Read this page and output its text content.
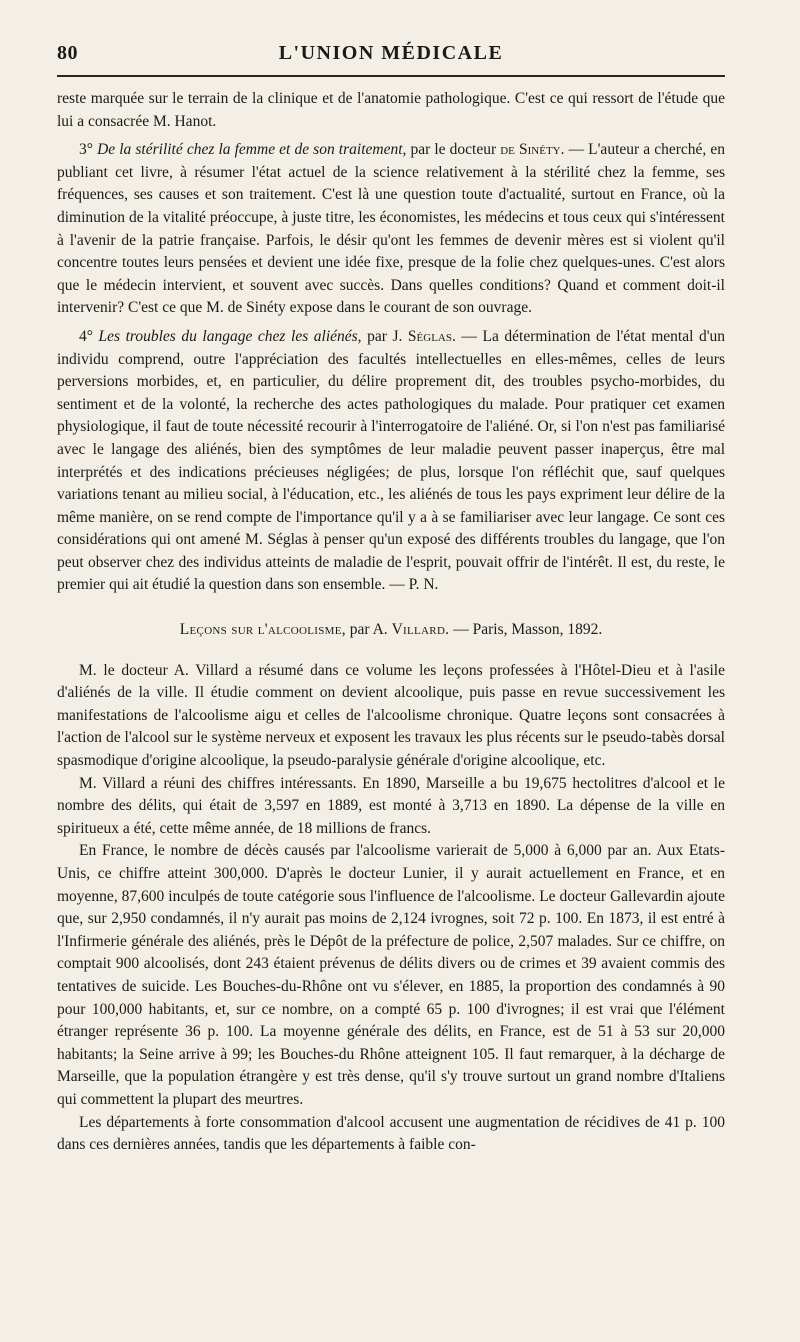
80	L'UNION MÉDICALE

reste marquée sur le terrain de la clinique et de l'anatomie pathologique. C'est ce qui ressort de l'étude que lui a consacrée M. Hanot.

3° De la stérilité chez la femme et de son traitement, par le docteur de Sinéty. — L'auteur a cherché, en publiant cet livre, à résumer l'état actuel de la science relativement à la stérilité chez la femme, ses fréquences, ses causes et son traitement. C'est là une question toute d'actualité, surtout en France, où la diminution de la vitalité préoccupe, à juste titre, les économistes, les médecins et tous ceux qui s'intéressent à l'avenir de la patrie française. Parfois, le désir qu'ont les femmes de devenir mères est si violent qu'il concentre toutes leurs pensées et devient une idée fixe, presque de la folie chez quelques-unes. C'est alors que le médecin intervient, et souvent avec succès. Dans quelles conditions? Quand et comment doit-il intervenir? C'est ce que M. de Sinéty expose dans le courant de son ouvrage.

4° Les troubles du langage chez les aliénés, par J. Séglas. — La détermination de l'état mental d'un individu comprend, outre l'appréciation des facultés intellectuelles en elles-mêmes, celles de leurs perversions morbides, et, en particulier, du délire proprement dit, des troubles psycho-morbides, du sentiment et de la volonté, la recherche des actes pathologiques du malade. Pour pratiquer cet examen physiologique, il faut de toute nécessité recourir à l'interrogatoire de l'aliéné. Or, si l'on n'est pas familiarisé avec le langage des aliénés, bien des symptômes de leur maladie peuvent passer inaperçus, être mal interprétés et des indications précieuses négligées; de plus, lorsque l'on réfléchit que, sauf quelques variations tenant au milieu social, à l'éducation, etc., les aliénés de tous les pays expriment leur délire de la même manière, on se rend compte de l'importance qu'il y a à se familiariser avec leur langage. Ce sont ces considérations qui ont amené M. Séglas à penser qu'un exposé des différents troubles du langage, que l'on peut observer chez des individus atteints de maladie de l'esprit, pouvait offrir de l'intérêt. Il est, du reste, le premier qui ait étudié la question dans son ensemble. — P. N.

Leçons sur l'alcoolisme, par A. Villard. — Paris, Masson, 1892.

M. le docteur A. Villard a résumé dans ce volume les leçons professées à l'Hôtel-Dieu et à l'asile d'aliénés de la ville. Il étudie comment on devient alcoolique, puis passe en revue successivement les manifestations de l'alcoolisme aigu et celles de l'alcoolisme chronique. Quatre leçons sont consacrées à l'action de l'alcool sur le système nerveux et exposent les travaux les plus récents sur le pseudo-tabès dorsal spasmodique d'origine alcoolique, la pseudo-paralysie générale d'origine alcoolique, etc.

M. Villard a réuni des chiffres intéressants. En 1890, Marseille a bu 19,675 hectolitres d'alcool et le nombre des délits, qui était de 3,597 en 1889, est monté à 3,713 en 1890. La dépense de la ville en spiritueux a été, cette même année, de 18 millions de francs.

En France, le nombre de décès causés par l'alcoolisme varierait de 5,000 à 6,000 par an. Aux Etats-Unis, ce chiffre atteint 300,000. D'après le docteur Lunier, il y aurait actuellement en France, et en moyenne, 87,600 inculpés de toute catégorie sous l'influence de l'alcoolisme. Le docteur Gallevardin ajoute que, sur 2,950 condamnés, il n'y aurait pas moins de 2,124 ivrognes, soit 72 p. 100. En 1873, il est entré à l'Infirmerie générale des aliénés, près le Dépôt de la préfecture de police, 2,507 malades. Sur ce chiffre, on comptait 900 alcoolisés, dont 243 étaient prévenus de délits divers ou de crimes et 39 avaient commis des tentatives de suicide. Les Bouches-du-Rhône ont vu s'élever, en 1885, la proportion des condamnés à 90 pour 100,000 habitants, et, sur ce nombre, on a compté 65 p. 100 d'ivrognes; il est vrai que l'élément étranger représente 36 p. 100. La moyenne générale des délits, en France, est de 51 à 53 sur 20,000 habitants; la Seine arrive à 99; les Bouches-du Rhône atteignent 105. Il faut remarquer, à la décharge de Marseille, que la population étrangère y est très dense, qu'il s'y trouve surtout un grand nombre d'Italiens qui commettent la plupart des meurtres.

Les départements à forte consommation d'alcool accusent une augmentation de récidives de 41 p. 100 dans ces dernières années, tandis que les départements à faible con-
